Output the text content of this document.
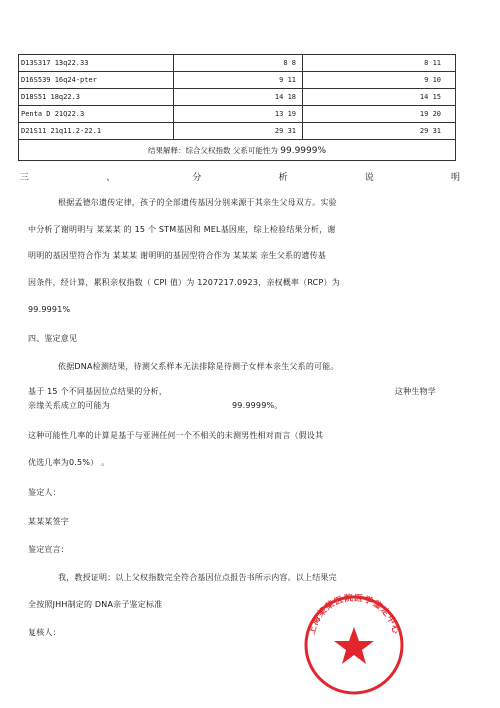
D13S317 13q22.33	8 8	8 11
D16S539 16q24-pter	9 11	9 10
D18S51 18q22.3	14 18	14 15
Penta D 21Q22.3	13 19	19 20
D21S11 21q11.2-22.1	29 31	29 31
结果解释：综合父权指数 父系可能性为 99.9999%		
三	、	分	析	说	明
根据孟德尔遗传定律，孩子的全部遗传基因分别来源于其亲生父母双方。实验
中分析了谢明明与 某某某 的 15 个 STM基因和 MEL基因座，综上检验结果分析，谢
明明的基因型符合作为 某某某 谢明明的基因型符合作为 某某某 亲生父系的遗传基
因条件，经计算，累积亲权指数（ CPI 值）为 1207217.0923，亲权概率（RCP）为
99.9991%
四、鉴定意见
依据DNA检测结果，待测父系样本无法排除是待测子女样本亲生父系的可能。
基于 15 个不同基因位点结果的分析，	这种生物学
亲缘关系成立的可能为	99.9999%。
这种可能性几率的计算是基于与亚洲任何一个不相关的未测男性相对而言（假设其
优选几率为0.5%） 。
鉴定人：
某某某签字
鉴定宣言：
我，教授证明：以上父权指数完全符合基因位点报告书所示内容。以上结果完
全按照JHH制定的 DNA亲子鉴定标准
复核人：	上海某某医院医学鉴定中心
